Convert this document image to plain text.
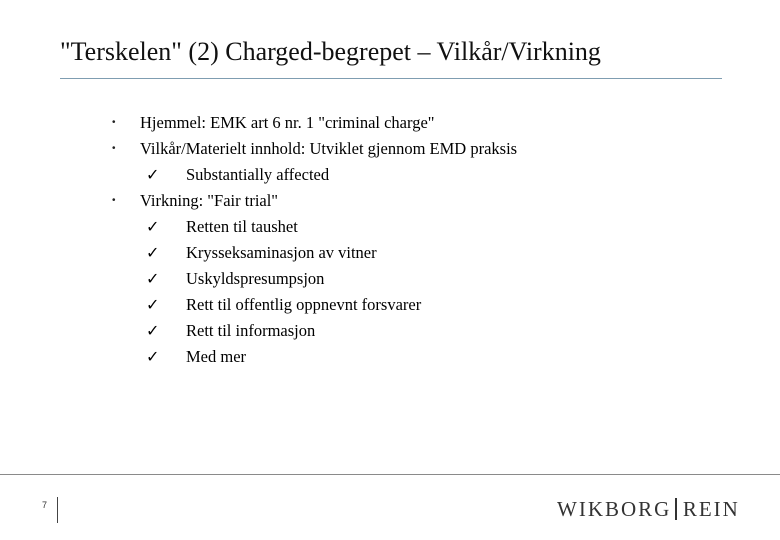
"Terskelen" (2) Charged-begrepet – Vilkår/Virkning
• Hjemmel: EMK art 6 nr. 1 "criminal charge"
• Vilkår/Materielt innhold: Utviklet gjennom EMD praksis
✓ Substantially affected
• Virkning: "Fair trial"
✓ Retten til taushet
✓ Krysseksaminasjon av vitner
✓ Uskyldspresumpsjon
✓ Rett til offentlig oppnevnt forsvarer
✓ Rett til informasjon
✓ Med mer
7	WIKBORG REIN
